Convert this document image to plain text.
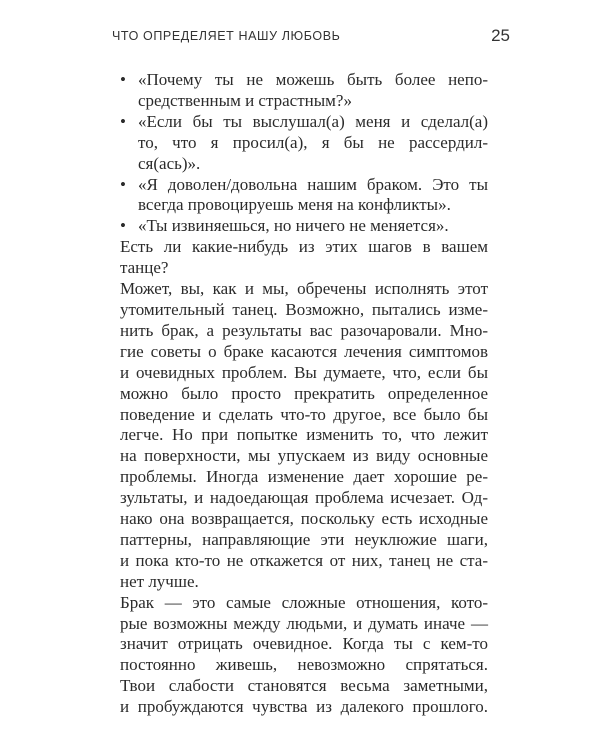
ЧТО ОПРЕДЕЛЯЕТ НАШУ ЛЮБОВЬ	25
• «Почему ты не можешь быть более непо-
средственным и страстным?»
• «Если бы ты выслушал(а) меня и сделал(а)
то, что я просил(а), я бы не рассердил-
ся(ась)».
• «Я доволен/довольна нашим браком. Это ты
всегда провоцируешь меня на конфликты».
• «Ты извиняешься, но ничего не меняется».
Есть ли какие-нибудь из этих шагов в вашем
танце?
Может, вы, как и мы, обречены исполнять этот
утомительный танец. Возможно, пытались изме-
нить брак, а результаты вас разочаровали. Мно-
гие советы о браке касаются лечения симптомов
и очевидных проблем. Вы думаете, что, если бы
можно было просто прекратить определенное
поведение и сделать что-то другое, все было бы
легче. Но при попытке изменить то, что лежит
на поверхности, мы упускаем из виду основные
проблемы. Иногда изменение дает хорошие ре-
зультаты, и надоедающая проблема исчезает. Од-
нако она возвращается, поскольку есть исходные
паттерны, направляющие эти неуклюжие шаги,
и пока кто-то не откажется от них, танец не ста-
нет лучше.
Брак — это самые сложные отношения, кото-
рые возможны между людьми, и думать иначе —
значит отрицать очевидное. Когда ты с кем-то
постоянно живешь, невозможно спрятаться.
Твои слабости становятся весьма заметными,
и пробуждаются чувства из далекого прошлого.
